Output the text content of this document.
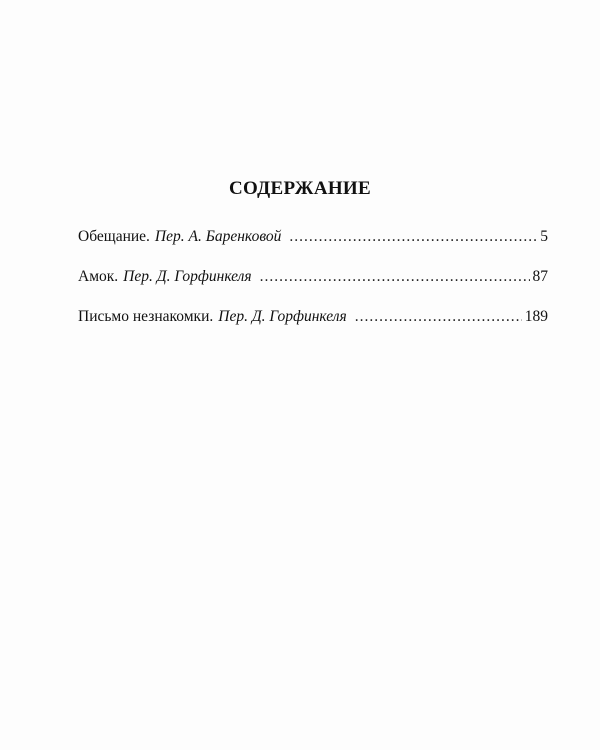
СОДЕРЖАНИЕ
Обещание. Пер. А. Баренковой .....	5
Амок. Пер. Д. Горфинкеля .....	87
Письмо незнакомки. Пер. Д. Горфинкеля .....	189
